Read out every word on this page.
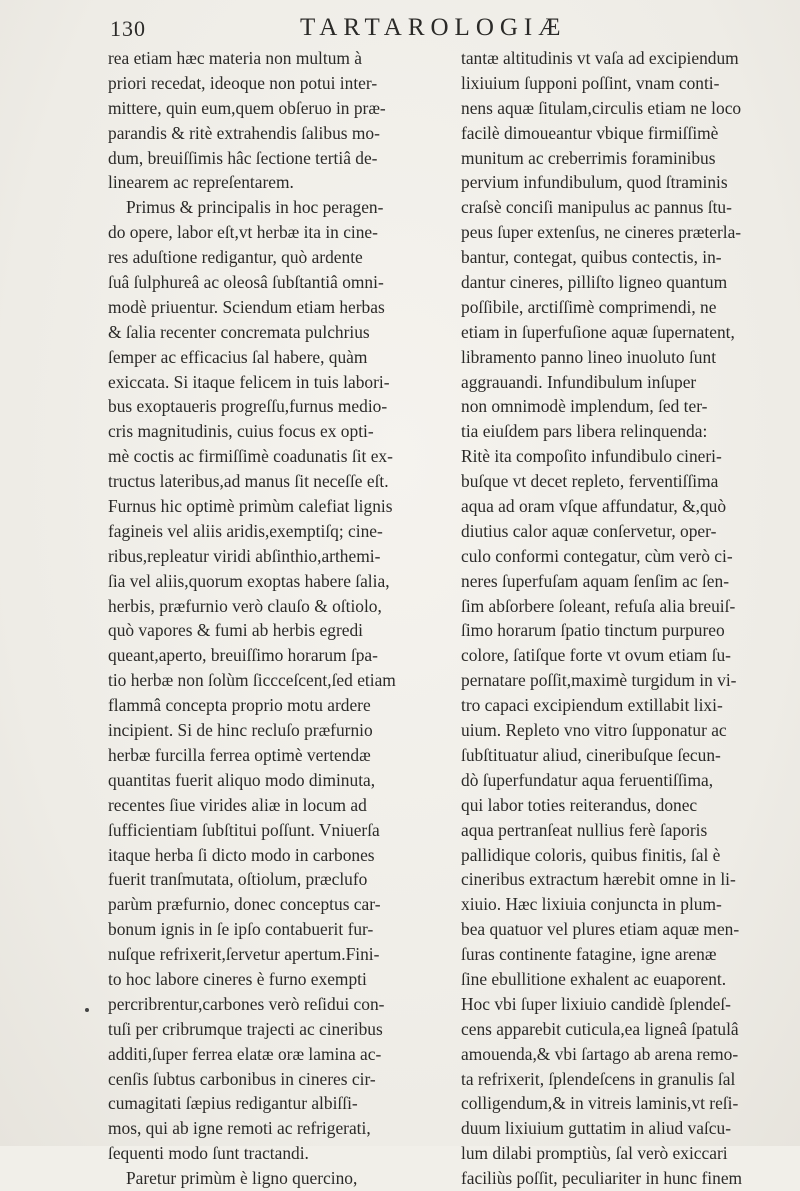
130	TARTAROLOGIÆ
rea etiam hæc materia non multum à
priori recedat, ideoque non potui inter-
mittere, quin eum,quem obſeruo in præ-
parandis & ritè extrahendis ſalibus mo-
dum, breuiſſimis hâc ſectione tertiâ de-
linearem ac repreſentarem.
Primus & principalis in hoc peragen-
do opere, labor eſt,vt herbæ ita in cine-
res aduſtione redigantur, quò ardente
ſuâ ſulphureâ ac oleosâ ſubſtantiâ omni-
modè priuentur. Sciendum etiam herbas
& ſalia recenter concremata pulchrius
ſemper ac efficacius ſal habere, quàm
exiccata. Si itaque felicem in tuis labori-
bus exoptaueris progreſſu,furnus medio-
cris magnitudinis, cuius focus ex opti-
mè coctis ac firmiſſimè coadunatis ſit ex-
tructus lateribus,ad manus ſit neceſſe eſt.
Furnus hic optimè primùm calefiat lignis
fagineis vel aliis aridis,exemptiſq; cine-
ribus,repleatur viridi abſinthio,arthemi-
ſia vel aliis,quorum exoptas habere ſalia,
herbis, præfurnio verò clauſo & oſtiolo,
quò vapores & fumi ab herbis egredi
queant,aperto, breuiſſimo horarum ſpa-
tio herbæ non ſolùm ſiccceſcent,ſed etiam
flammâ concepta proprio motu ardere
incipient. Si de hinc recluſo præfurnio
herbæ furcilla ferrea optimè vertendæ
quantitas fuerit aliquo modo diminuta,
recentes ſiue virides aliæ in locum ad
ſufficientiam ſubſtitui poſſunt. Vniuerſa
itaque herba ſi dicto modo in carbones
fuerit tranſmutata, oſtiolum, præclufo
parùm præfurnio, donec conceptus car-
bonum ignis in ſe ipſo contabuerit fur-
nuſque refrixerit,ſervetur apertum.Fini-
to hoc labore cineres è furno exempti
percribrentur,carbones verò reſidui con-
tuſi per cribrumque trajecti ac cineribus
additi,ſuper ferrea elatæ oræ lamina ac-
cenſis ſubtus carbonibus in cineres cir-
cumagitati ſæpius redigantur albiſſi-
mos, qui ab igne remoti ac refrigerati,
ſequenti modo ſunt tractandi.
Paretur primùm è ligno quercino,
tantæ altitudinis vt vaſa ad excipiendum
lixiuium ſupponi poſſint, vnam conti-
nens aquæ ſitulam,circulis etiam ne loco
facilè dimoueantur vbique firmiſſimè
munitum ac creberrimis foraminibus
pervium infundibulum, quod ſtraminis
craſsè conciſi manipulus ac pannus ſtu-
peus ſuper extenſus, ne cineres præterla-
bantur, contegat, quibus contectis, in-
dantur cineres, pilliſto ligneo quantum
poſſibile, arctiſſimè comprimendi, ne
etiam in ſuperfuſione aquæ ſupernatent,
libramento panno lineo inuoluto ſunt
aggrauandi. Infundibulum inſuper
non omnimodè implendum, ſed ter-
tia eiuſdem pars libera relinquenda:
Ritè ita compoſito infundibulo cineri-
buſque vt decet repleto, ferventiſſima
aqua ad oram vſque affundatur, &,quò
diutius calor aquæ conſervetur, oper-
culo conformi contegatur, cùm verò ci-
neres ſuperfuſam aquam ſenſim ac ſen-
ſim abſorbere ſoleant, refuſa alia breuiſ-
ſimo horarum ſpatio tinctum purpureo
colore, ſatiſque forte vt ovum etiam ſu-
pernatare poſſit,maximè turgidum in vi-
tro capaci excipiendum extillabit lixi-
uium. Repleto vno vitro ſupponatur ac
ſubſtituatur aliud, cineribuſque ſecun-
dò ſuperfundatur aqua feruentiſſima,
qui labor toties reiterandus, donec
aqua pertranſeat nullius ferè ſaporis
pallidique coloris, quibus finitis, ſal è
cineribus extractum hærebit omne in li-
xiuio. Hæc lixiuia conjuncta in plum-
bea quatuor vel plures etiam aquæ men-
ſuras continente fatagine, igne arenæ
ſine ebullitione exhalent ac euaporent.
Hoc vbi ſuper lixiuio candidè ſplendeſ-
cens apparebit cuticula,ea ligneâ ſpatulâ
amouenda,& vbi ſartago ab arena remo-
ta refrixerit, ſplendeſcens in granulis ſal
colligendum,& in vitreis laminis,vt reſi-
duum lixiuium guttatim in aliud vaſcu-
lum dilabi promptiùs, ſal verò exiccari
faciliùs poſſit, peculiariter in hunc finem
